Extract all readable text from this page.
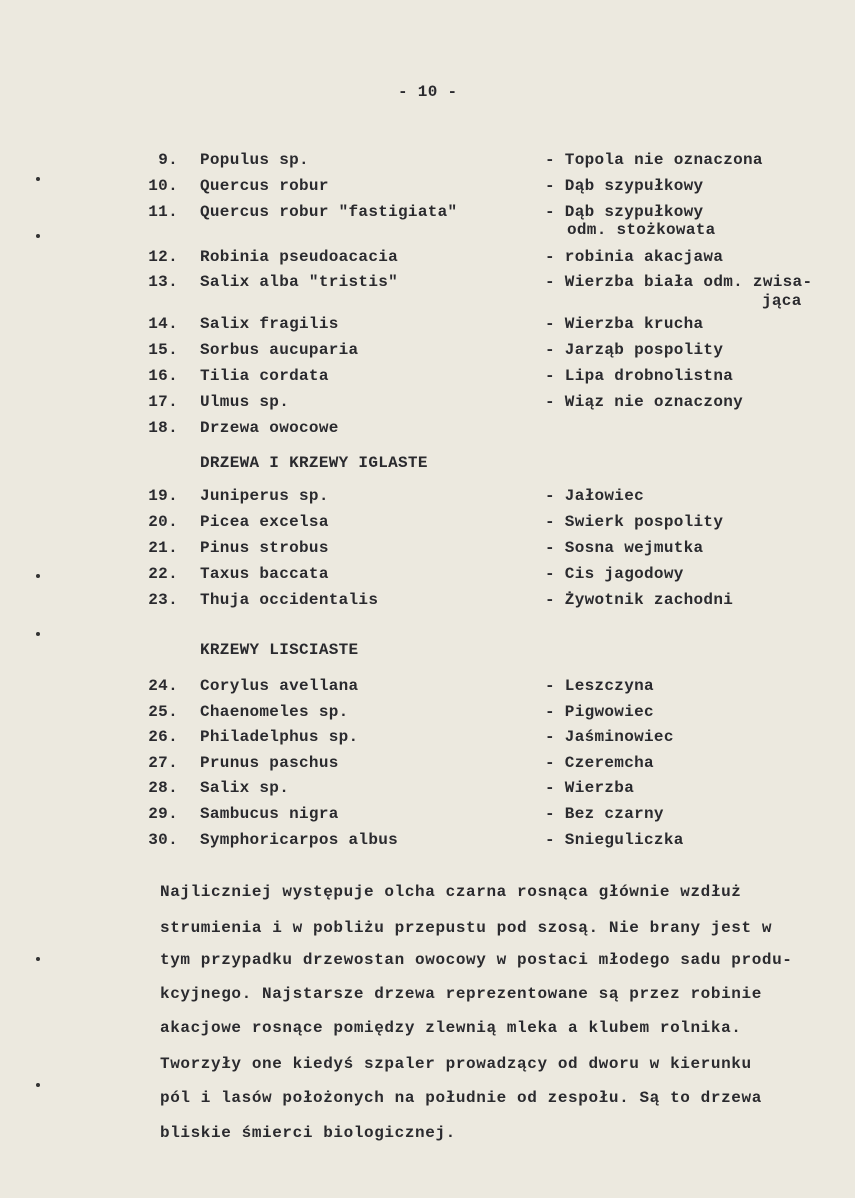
- 10 -
9. Populus sp.	- Topola nie oznaczona
10. Quercus robur	- Dąb szypułkowy
11. Quercus robur "fastigiata"	- Dąb szypułkowy
odm. stożkowata
12. Robinia pseudoacacia	- robinia akacjawa
13. Salix alba "tristis"	- Wierzba biała odm. zwisa-
jąca
14. Salix fragilis	- Wierzba krucha
15. Sorbus aucuparia	- Jarząb pospolity
16. Tilia cordata	- Lipa drobnolistna
17. Ulmus sp.	- Wiąz nie oznaczony
18. Drzewa owocowe
DRZEWA I KRZEWY IGLASTE
19. Juniperus sp.	- Jałowiec
20. Picea excelsa	- Swierk pospolity
21. Pinus strobus	- Sosna wejmutka
22. Taxus baccata	- Cis jagodowy
23. Thuja occidentalis	- Żywotnik zachodni
KRZEWY LISCIASTE
24. Corylus avellana	- Leszczyna
25. Chaenomeles sp.	- Pigwowiec
26. Philadelphus sp.	- Jaśminowiec
27. Prunus paschus	- Czeremcha
28. Salix sp.	- Wierzba
29. Sambucus nigra	- Bez czarny
30. Symphoricarpos albus	- Snieguliczka
Najliczniej występuje olcha czarna rosnąca głównie wzdłuż
strumienia i w pobliżu przepustu pod szosą. Nie brany jest w
tym przypadku drzewostan owocowy w postaci młodego sadu produ-
kcyjnego. Najstarsze drzewa reprezentowane są przez robinie
akacjowe rosnące pomiędzy zlewnią mleka a klubem rolnika.
Tworzyły one kiedyś szpaler prowadzący od dworu w kierunku
pól i lasów położonych na południe od zespołu. Są to drzewa
bliskie śmierci biologicznej.
